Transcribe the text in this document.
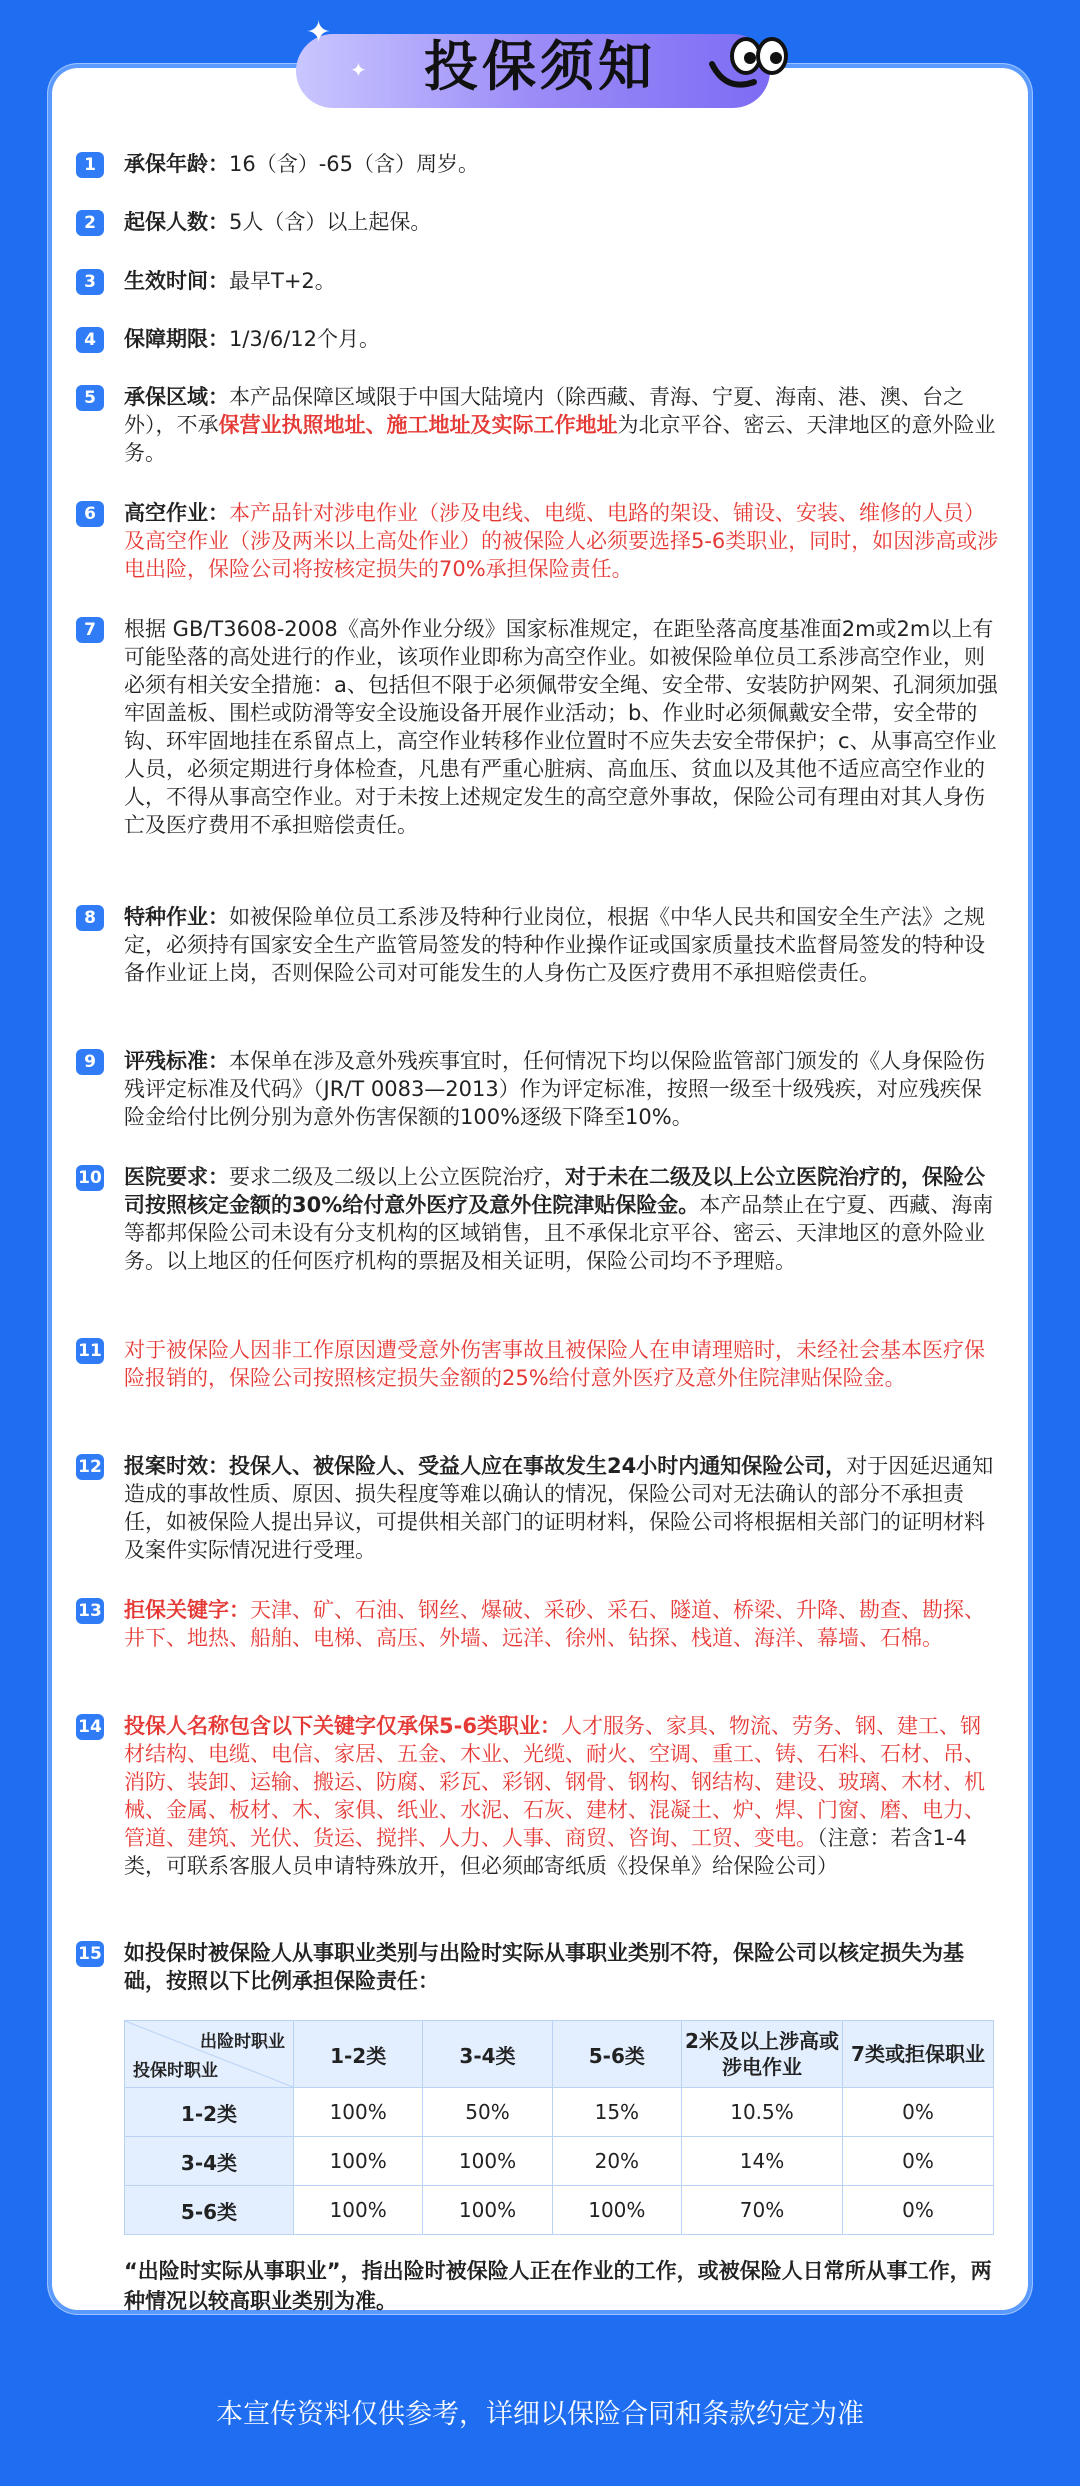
✦
✦	投保须知
1	承保年龄：16（含）-65（含）周岁。
2	起保人数：5人（含）以上起保。
3	生效时间：最早T+2。
4	保障期限：1/3/6/12个月。
5	承保区域：本产品保障区域限于中国大陆境内（除西藏、青海、宁夏、海南、港、澳、台之外），不承保营业执照地址、施工地址及实际工作地址为北京平谷、密云、天津地区的意外险业务。
6	高空作业：本产品针对涉电作业（涉及电线、电缆、电路的架设、铺设、安装、维修的人员）及高空作业（涉及两米以上高处作业）的被保险人必须要选择5-6类职业，同时，如因涉高或涉电出险，保险公司将按核定损失的70%承担保险责任。
7	根据 GB/T3608-2008《高外作业分级》国家标准规定，在距坠落高度基准面2m或2m以上有可能坠落的高处进行的作业，该项作业即称为高空作业。如被保险单位员工系涉高空作业，则必须有相关安全措施：a、包括但不限于必须佩带安全绳、安全带、安装防护网架、孔洞须加强牢固盖板、围栏或防滑等安全设施设备开展作业活动；b、作业时必须佩戴安全带，安全带的钩、环牢固地挂在系留点上，高空作业转移作业位置时不应失去安全带保护；c、从事高空作业人员，必须定期进行身体检查，凡患有严重心脏病、高血压、贫血以及其他不适应高空作业的人，不得从事高空作业。对于未按上述规定发生的高空意外事故，保险公司有理由对其人身伤亡及医疗费用不承担赔偿责任。
8	特种作业：如被保险单位员工系涉及特种行业岗位，根据《中华人民共和国安全生产法》之规定，必须持有国家安全生产监管局签发的特种作业操作证或国家质量技术监督局签发的特种设备作业证上岗，否则保险公司对可能发生的人身伤亡及医疗费用不承担赔偿责任。
9	评残标准：本保单在涉及意外残疾事宜时，任何情况下均以保险监管部门颁发的《人身保险伤残评定标准及代码》（JR/T 0083—2013）作为评定标准，按照一级至十级残疾，对应残疾保险金给付比例分别为意外伤害保额的100%逐级下降至10%。
10 医院要求：要求二级及二级以上公立医院治疗，对于未在二级及以上公立医院治疗的，保险公司按照核定金额的30%给付意外医疗及意外住院津贴保险金。本产品禁止在宁夏、西藏、海南等都邦保险公司未设有分支机构的区域销售，且不承保北京平谷、密云、天津地区的意外险业务。以上地区的任何医疗机构的票据及相关证明，保险公司均不予理赔。
11 对于被保险人因非工作原因遭受意外伤害事故且被保险人在申请理赔时，未经社会基本医疗保险报销的，保险公司按照核定损失金额的25%给付意外医疗及意外住院津贴保险金。
12 报案时效：投保人、被保险人、受益人应在事故发生24小时内通知保险公司，对于因延迟通知造成的事故性质、原因、损失程度等难以确认的情况，保险公司对无法确认的部分不承担责任，如被保险人提出异议，可提供相关部门的证明材料，保险公司将根据相关部门的证明材料及案件实际情况进行受理。
13 拒保关键字：天津、矿、石油、钢丝、爆破、采砂、采石、隧道、桥梁、升降、勘查、勘探、井下、地热、船舶、电梯、高压、外墙、远洋、徐州、钻探、栈道、海洋、幕墙、石棉。
14 投保人名称包含以下关键字仅承保5-6类职业：人才服务、家具、物流、劳务、钢、建工、钢材结构、电缆、电信、家居、五金、木业、光缆、耐火、空调、重工、铸、石料、石材、吊、消防、装卸、运输、搬运、防腐、彩瓦、彩钢、钢骨、钢构、钢结构、建设、玻璃、木材、机械、金属、板材、木、家俱、纸业、水泥、石灰、建材、混凝土、炉、焊、门窗、磨、电力、管道、建筑、光伏、货运、搅拌、人力、人事、商贸、咨询、工贸、变电。（注意：若含1-4类，可联系客服人员申请特殊放开，但必须邮寄纸质《投保单》给保险公司）
15 如投保时被保险人从事职业类别与出险时实际从事职业类别不符，保险公司以核定损失为基础，按照以下比例承担保险责任：
出险时职业
投保时职业	1-2类	3-4类	5-6类	2米及以上涉高或涉电作业	7类或拒保职业
1-2类	100%	50%	15%	10.5%	0%
3-4类	100%	100%	20%	14%	0%
5-6类	100%	100%	100%	70%	0%
“出险时实际从事职业”，指出险时被保险人正在作业的工作，或被保险人日常所从事工作，两种情况以较高职业类别为准。
本宣传资料仅供参考，详细以保险合同和条款约定为准
